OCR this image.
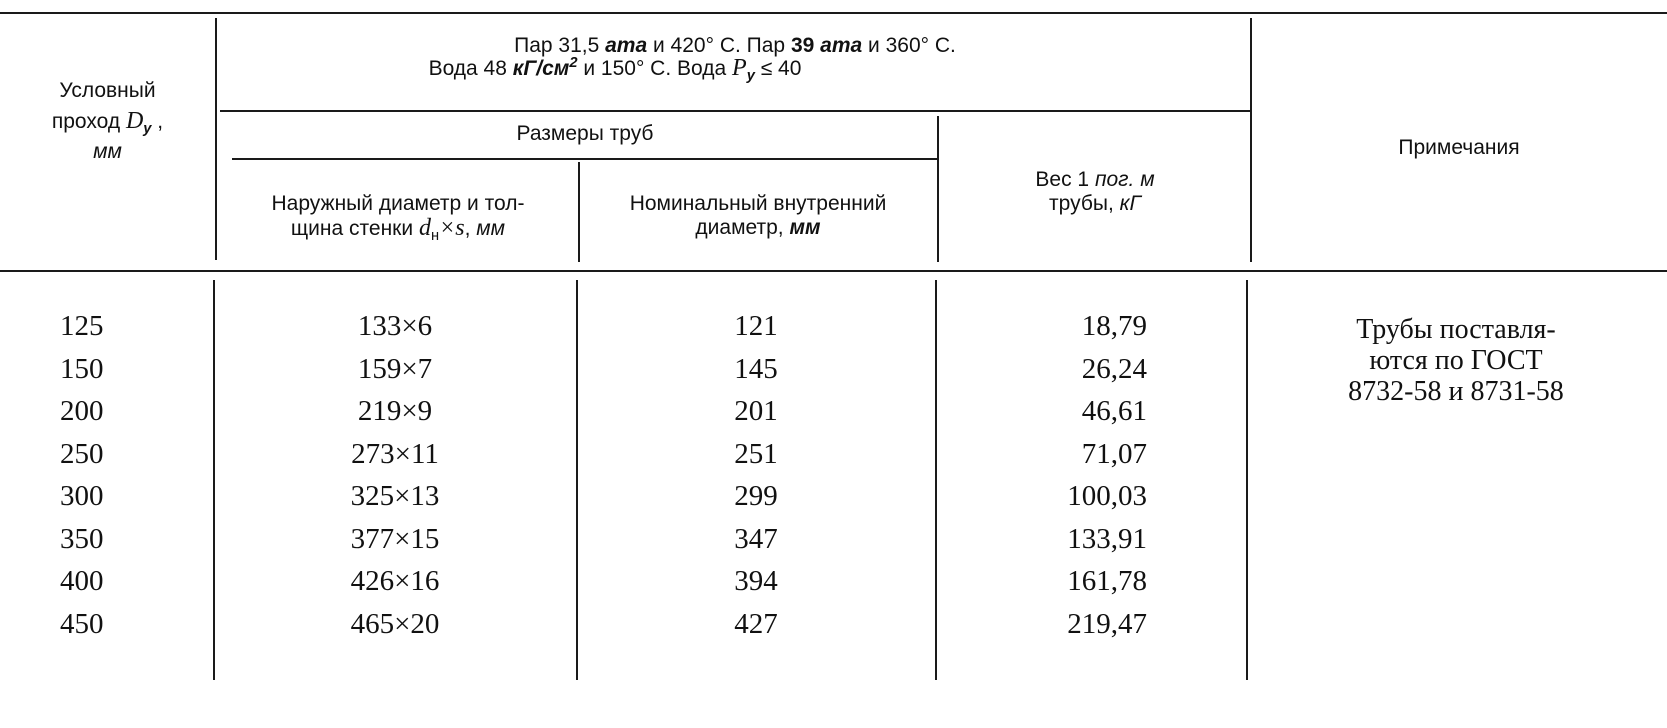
Условный
проход $D_у$ ,
мм
Пар 31,5 ата и 420° С. Пар 39 ата и 360° С.
Вода 48 $кГ/см^2$ и 150° С. Вода $P_у \le 40$
Размеры труб
Наружный диаметр и тол-
щина стенки $d_н\times s$, мм
Номинальный внутренний
диаметр, мм
Вес 1 пог. м
трубы, кГ
Примечания
125
150
200
250
300
350
400
450
133×6
159×7
219×9
273×11
325×13
377×15
426×16
465×20
121
145
201
251
299
347
394
427
18,79
26,24
46,61
71,07
100,03
133,91
161,78
219,47
Трубы поставля-
ются по ГОСТ
8732-58 и 8731-58
